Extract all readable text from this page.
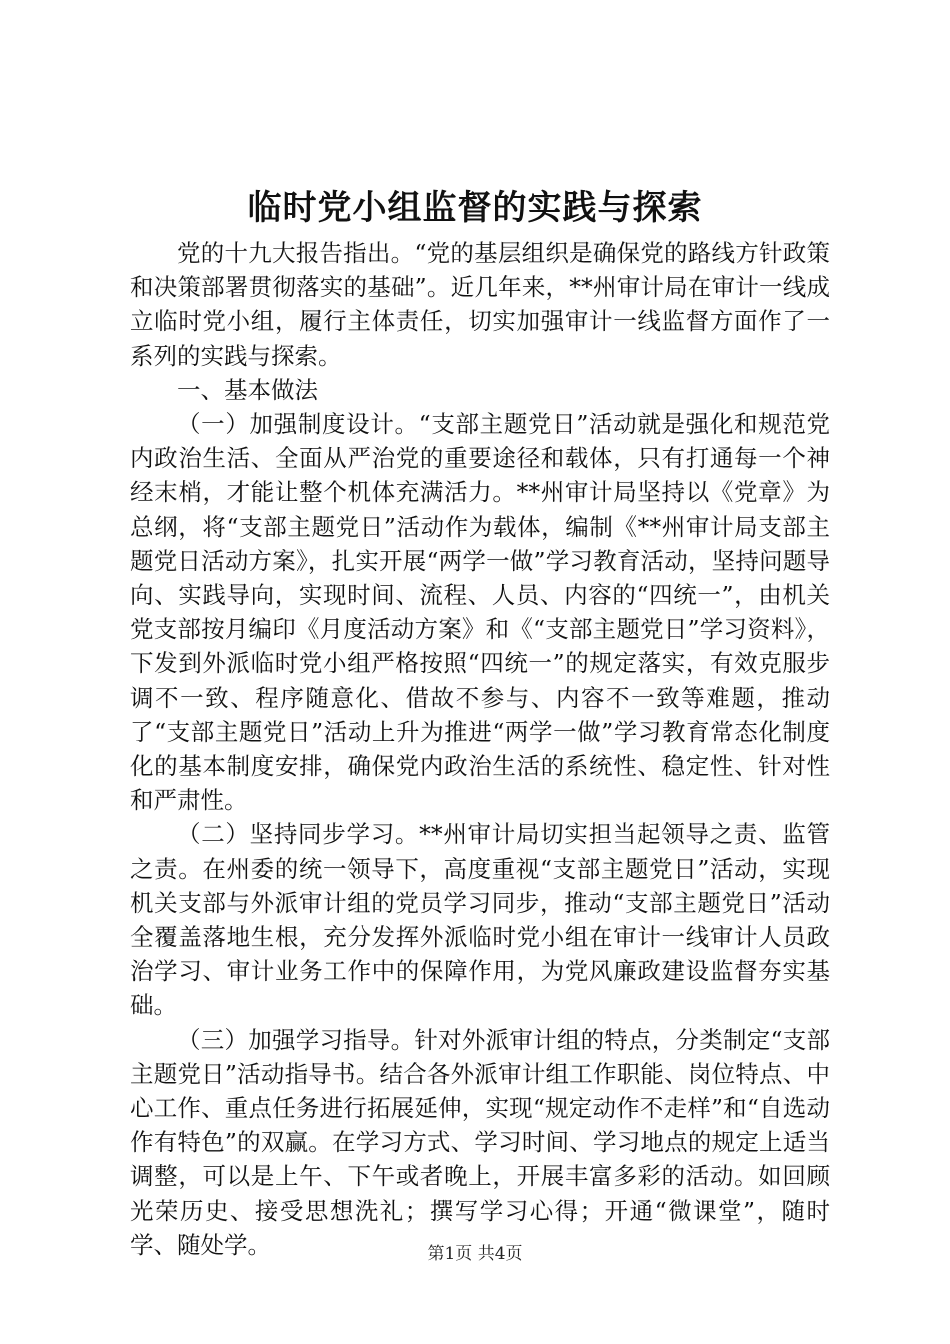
临时党小组监督的实践与探索

党的十九大报告指出。“党的基层组织是确保党的路线方针政策和决策部署贯彻落实的基础”。近几年来，**州审计局在审计一线成立临时党小组，履行主体责任，切实加强审计一线监督方面作了一系列的实践与探索。

一、基本做法

（一）加强制度设计。“支部主题党日”活动就是强化和规范党内政治生活、全面从严治党的重要途径和载体，只有打通每一个神经末梢，才能让整个机体充满活力。**州审计局坚持以《党章》为总纲，将“支部主题党日”活动作为载体，编制《**州审计局支部主题党日活动方案》，扎实开展“两学一做”学习教育活动，坚持问题导向、实践导向，实现时间、流程、人员、内容的“四统一”，由机关党支部按月编印《月度活动方案》和《“支部主题党日”学习资料》，下发到外派临时党小组严格按照“四统一”的规定落实，有效克服步调不一致、程序随意化、借故不参与、内容不一致等难题，推动了“支部主题党日”活动上升为推进“两学一做”学习教育常态化制度化的基本制度安排，确保党内政治生活的系统性、稳定性、针对性和严肃性。

（二）坚持同步学习。**州审计局切实担当起领导之责、监管之责。在州委的统一领导下，高度重视“支部主题党日”活动，实现机关支部与外派审计组的党员学习同步，推动“支部主题党日”活动全覆盖落地生根，充分发挥外派临时党小组在审计一线审计人员政治学习、审计业务工作中的保障作用，为党风廉政建设监督夯实基础。

（三）加强学习指导。针对外派审计组的特点，分类制定“支部主题党日”活动指导书。结合各外派审计组工作职能、岗位特点、中心工作、重点任务进行拓展延伸，实现“规定动作不走样”和“自选动作有特色”的双赢。在学习方式、学习时间、学习地点的规定上适当调整，可以是上午、下午或者晚上，开展丰富多彩的活动。如回顾光荣历史、接受思想洗礼；撰写学习心得；开通“微课堂”，随时学、随处学。	第1页 共4页
